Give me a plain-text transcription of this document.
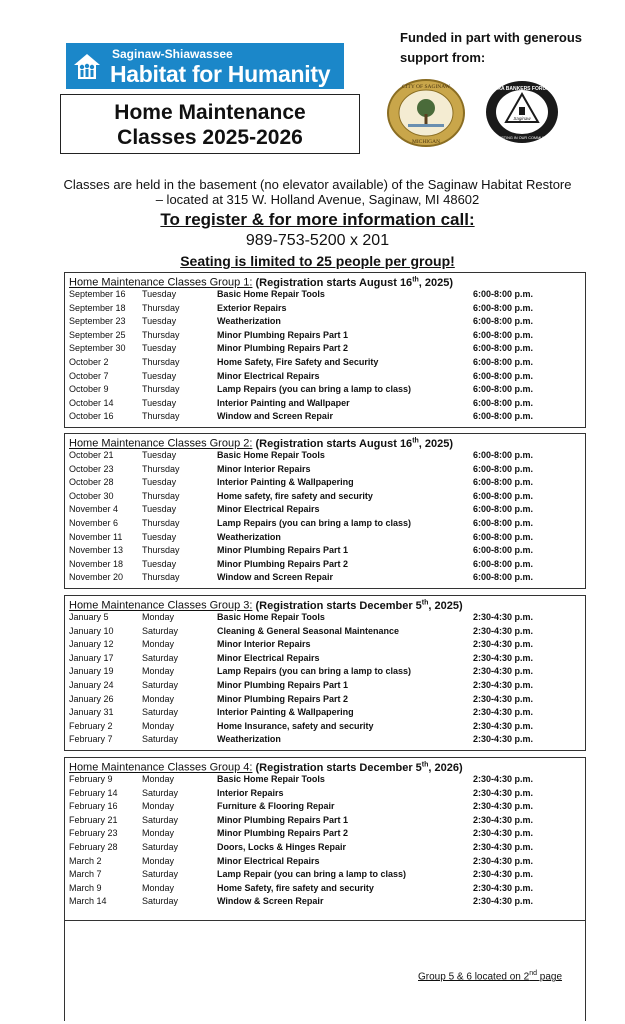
Saginaw-Shiawassee
Habitat for Humanity
Home Maintenance
Classes 2025-2026
Funded in part with generous
support from:
CITY OF SAGINAW
MICHIGAN
CRA BANKERS FORUM
Saginaw
INVESTING IN OUR COMMUNITY
Classes are held in the basement (no elevator available) of the Saginaw Habitat Restore
– located at 315 W. Holland Avenue, Saginaw, MI 48602
To register & for more information call:
989-753-5200 x 201
Seating is limited to 25 people per group!
Home Maintenance Classes Group 1: (Registration starts August 16th, 2025)
September 16 Tuesday	Basic Home Repair Tools	6:00-8:00 p.m.
September 18 Thursday	Exterior Repairs	6:00-8:00 p.m.
September 23 Tuesday	Weatherization	6:00-8:00 p.m.
September 25 Thursday	Minor Plumbing Repairs Part 1	6:00-8:00 p.m.
September 30 Tuesday	Minor Plumbing Repairs Part 2	6:00-8:00 p.m.
October 2	Thursday	Home Safety, Fire Safety and Security	6:00-8:00 p.m.
October 7	Tuesday	Minor Electrical Repairs	6:00-8:00 p.m.
October 9	Thursday	Lamp Repairs (you can bring a lamp to class)	6:00-8:00 p.m.
October 14	Tuesday	Interior Painting and Wallpaper	6:00-8:00 p.m.
October 16	Thursday	Window and Screen Repair	6:00-8:00 p.m.
Home Maintenance Classes Group 2: (Registration starts August 16th, 2025)
October 21	Tuesday	Basic Home Repair Tools	6:00-8:00 p.m.
October 23	Thursday	Minor Interior Repairs	6:00-8:00 p.m.
October 28	Tuesday	Interior Painting & Wallpapering	6:00-8:00 p.m.
October 30	Thursday	Home safety, fire safety and security	6:00-8:00 p.m.
November 4	Tuesday	Minor Electrical Repairs	6:00-8:00 p.m.
November 6	Thursday	Lamp Repairs (you can bring a lamp to class)	6:00-8:00 p.m.
November 11 Tuesday	Weatherization	6:00-8:00 p.m.
November 13 Thursday	Minor Plumbing Repairs Part 1	6:00-8:00 p.m.
November 18 Tuesday	Minor Plumbing Repairs Part 2	6:00-8:00 p.m.
November 20 Thursday	Window and Screen Repair	6:00-8:00 p.m.
Home Maintenance Classes Group 3: (Registration starts December 5th, 2025)
January 5	Monday	Basic Home Repair Tools	2:30-4:30 p.m.
January 10	Saturday	Cleaning & General Seasonal Maintenance	2:30-4:30 p.m.
January 12	Monday	Minor Interior Repairs	2:30-4:30 p.m.
January 17	Saturday	Minor Electrical Repairs	2:30-4:30 p.m.
January 19	Monday	Lamp Repairs (you can bring a lamp to class)	2:30-4:30 p.m.
January 24	Saturday	Minor Plumbing Repairs Part 1	2:30-4:30 p.m.
January 26	Monday	Minor Plumbing Repairs Part 2	2:30-4:30 p.m.
January 31	Saturday	Interior Painting & Wallpapering	2:30-4:30 p.m.
February 2	Monday	Home Insurance, safety and security	2:30-4:30 p.m.
February 7	Saturday	Weatherization	2:30-4:30 p.m.
Home Maintenance Classes Group 4: (Registration starts December 5th, 2026)
February 9	Monday	Basic Home Repair Tools	2:30-4:30 p.m.
February 14	Saturday	Interior Repairs	2:30-4:30 p.m.
February 16	Monday	Furniture & Flooring Repair	2:30-4:30 p.m.
February 21	Saturday	Minor Plumbing Repairs Part 1	2:30-4:30 p.m.
February 23	Monday	Minor Plumbing Repairs Part 2	2:30-4:30 p.m.
February 28	Saturday	Doors, Locks & Hinges Repair	2:30-4:30 p.m.
March 2	Monday	Minor Electrical Repairs	2:30-4:30 p.m.
March 7	Saturday	Lamp Repair (you can bring a lamp to class)	2:30-4:30 p.m.
March 9	Monday	Home Safety, fire safety and security	2:30-4:30 p.m.
March 14	Saturday	Window & Screen Repair	2:30-4:30 p.m.
Group 5 & 6 located on 2nd page
